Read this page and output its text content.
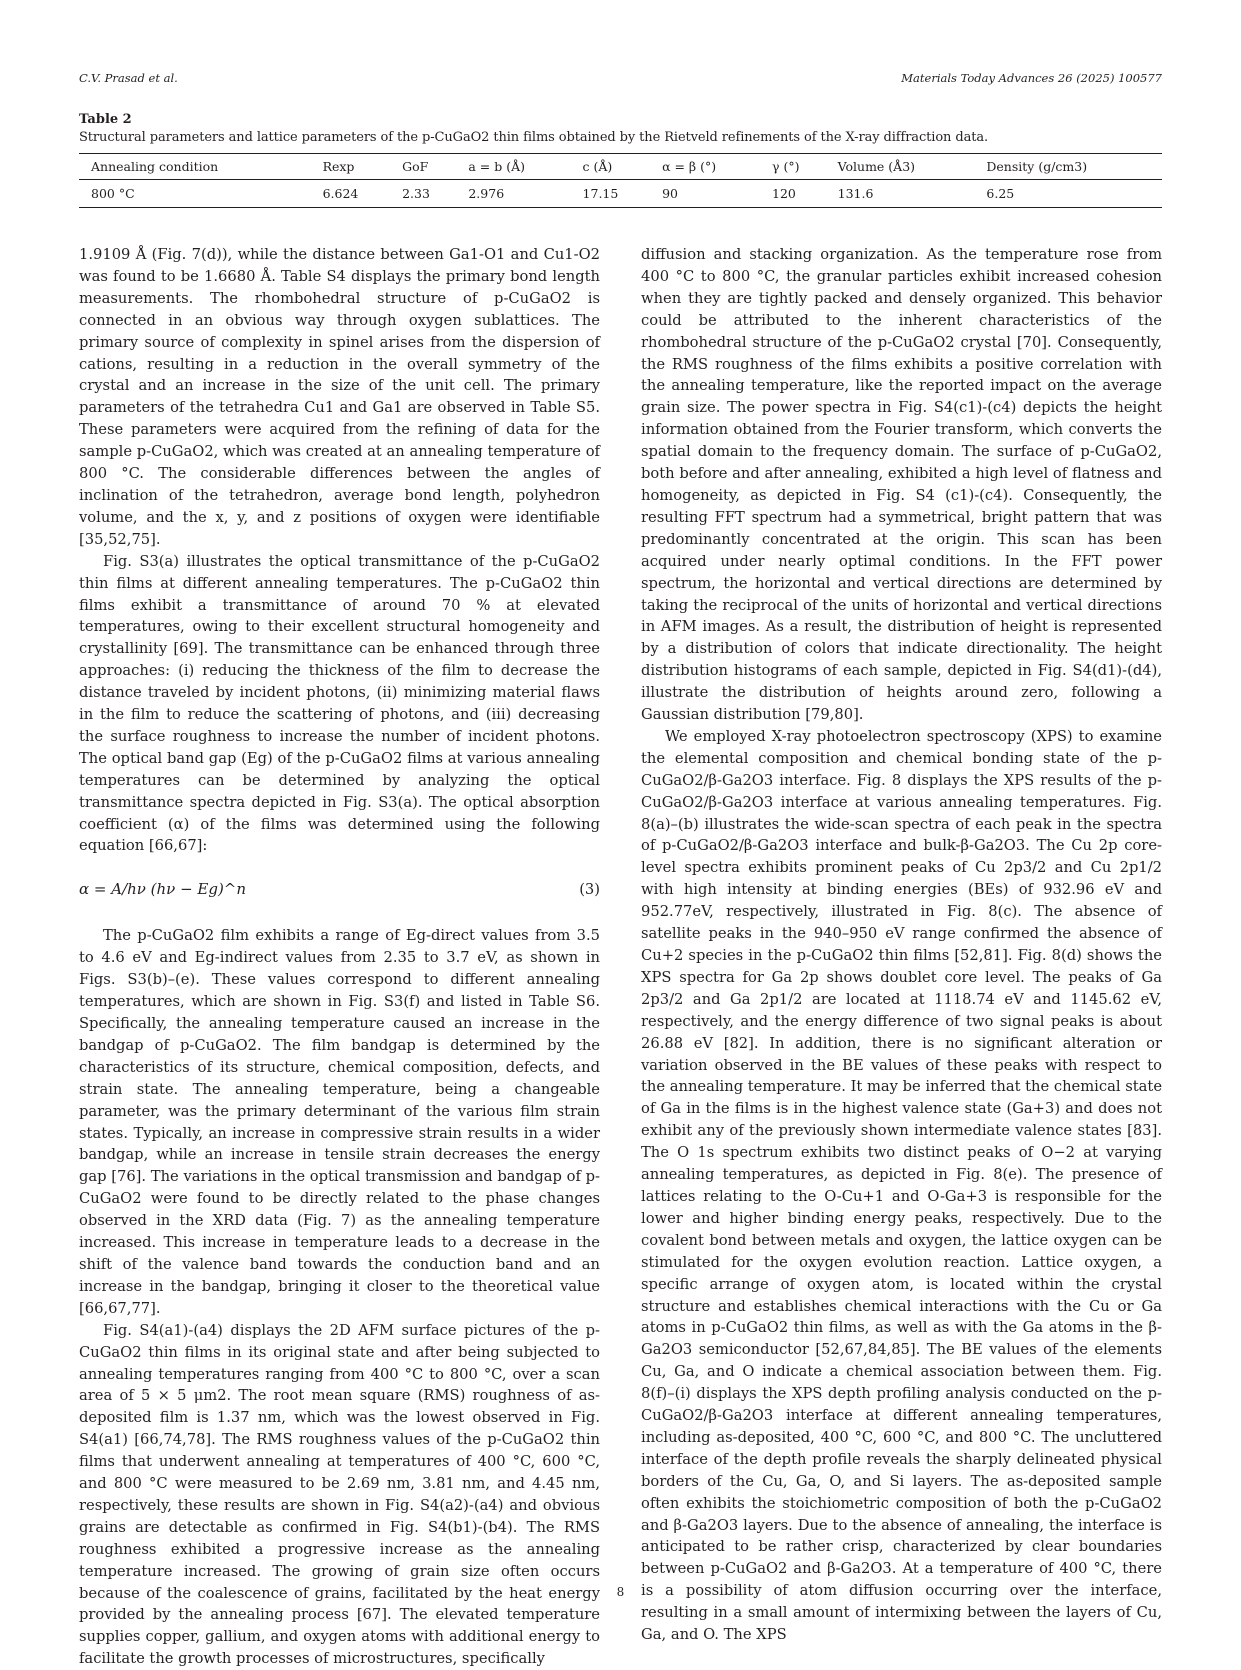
C.V. Prasad et al.	Materials Today Advances 26 (2025) 100577

Table 2

Structural parameters and lattice parameters of the p-CuGaO2 thin films obtained by the Rietveld refinements of the X-ray diffraction data.

Annealing condition	Rexp	GoF	a = b (Å)	c (Å)	α = β (°)	γ (°)	Volume (Å3)	Density (g/cm3)
800 °C	6.624	2.33	2.976	17.15	90	120	131.6	6.25

1.9109 Å (Fig. 7(d)), while the distance between Ga1-O1 and Cu1-O2 was found to be 1.6680 Å. Table S4 displays the primary bond length measurements. The rhombohedral structure of p-CuGaO2 is connected in an obvious way through oxygen sublattices. The primary source of complexity in spinel arises from the dispersion of cations, resulting in a reduction in the overall symmetry of the crystal and an increase in the size of the unit cell. The primary parameters of the tetrahedra Cu1 and Ga1 are observed in Table S5. These parameters were acquired from the refining of data for the sample p-CuGaO2, which was created at an annealing temperature of 800 °C. The considerable differences between the angles of inclination of the tetrahedron, average bond length, polyhedron volume, and the x, y, and z positions of oxygen were identifiable [35,52,75].

Fig. S3(a) illustrates the optical transmittance of the p-CuGaO2 thin films at different annealing temperatures. The p-CuGaO2 thin films exhibit a transmittance of around 70 % at elevated temperatures, owing to their excellent structural homogeneity and crystallinity [69]. The transmittance can be enhanced through three approaches: (i) reducing the thickness of the film to decrease the distance traveled by incident photons, (ii) minimizing material flaws in the film to reduce the scattering of photons, and (iii) decreasing the surface roughness to increase the number of incident photons. The optical band gap (Eg) of the p-CuGaO2 films at various annealing temperatures can be determined by analyzing the optical transmittance spectra depicted in Fig. S3(a). The optical absorption coefficient (α) of the films was determined using the following equation [66,67]:

α = A/hν (hν − Eg)^n	(3)

The p-CuGaO2 film exhibits a range of Eg-direct values from 3.5 to 4.6 eV and Eg-indirect values from 2.35 to 3.7 eV, as shown in Figs. S3(b)–(e). These values correspond to different annealing temperatures, which are shown in Fig. S3(f) and listed in Table S6. Specifically, the annealing temperature caused an increase in the bandgap of p-CuGaO2. The film bandgap is determined by the characteristics of its structure, chemical composition, defects, and strain state. The annealing temperature, being a changeable parameter, was the primary determinant of the various film strain states. Typically, an increase in compressive strain results in a wider bandgap, while an increase in tensile strain decreases the energy gap [76]. The variations in the optical transmission and bandgap of p-CuGaO2 were found to be directly related to the phase changes observed in the XRD data (Fig. 7) as the annealing temperature increased. This increase in temperature leads to a decrease in the shift of the valence band towards the conduction band and an increase in the bandgap, bringing it closer to the theoretical value [66,67,77].

Fig. S4(a1)-(a4) displays the 2D AFM surface pictures of the p-CuGaO2 thin films in its original state and after being subjected to annealing temperatures ranging from 400 °C to 800 °C, over a scan area of 5 × 5 μm2. The root mean square (RMS) roughness of as-deposited film is 1.37 nm, which was the lowest observed in Fig. S4(a1) [66,74,78]. The RMS roughness values of the p-CuGaO2 thin films that underwent annealing at temperatures of 400 °C, 600 °C, and 800 °C were measured to be 2.69 nm, 3.81 nm, and 4.45 nm, respectively, these results are shown in Fig. S4(a2)-(a4) and obvious grains are detectable as confirmed in Fig. S4(b1)-(b4). The RMS roughness exhibited a progressive increase as the annealing temperature increased. The growing of grain size often occurs because of the coalescence of grains, facilitated by the heat energy provided by the annealing process [67]. The elevated temperature supplies copper, gallium, and oxygen atoms with additional energy to facilitate the growth processes of microstructures, specifically

diffusion and stacking organization. As the temperature rose from 400 °C to 800 °C, the granular particles exhibit increased cohesion when they are tightly packed and densely organized. This behavior could be attributed to the inherent characteristics of the rhombohedral structure of the p-CuGaO2 crystal [70]. Consequently, the RMS roughness of the films exhibits a positive correlation with the annealing temperature, like the reported impact on the average grain size. The power spectra in Fig. S4(c1)-(c4) depicts the height information obtained from the Fourier transform, which converts the spatial domain to the frequency domain. The surface of p-CuGaO2, both before and after annealing, exhibited a high level of flatness and homogeneity, as depicted in Fig. S4 (c1)-(c4). Consequently, the resulting FFT spectrum had a symmetrical, bright pattern that was predominantly concentrated at the origin. This scan has been acquired under nearly optimal conditions. In the FFT power spectrum, the horizontal and vertical directions are determined by taking the reciprocal of the units of horizontal and vertical directions in AFM images. As a result, the distribution of height is represented by a distribution of colors that indicate directionality. The height distribution histograms of each sample, depicted in Fig. S4(d1)-(d4), illustrate the distribution of heights around zero, following a Gaussian distribution [79,80].

We employed X-ray photoelectron spectroscopy (XPS) to examine the elemental composition and chemical bonding state of the p-CuGaO2/β-Ga2O3 interface. Fig. 8 displays the XPS results of the p-CuGaO2/β-Ga2O3 interface at various annealing temperatures. Fig. 8(a)–(b) illustrates the wide-scan spectra of each peak in the spectra of p-CuGaO2/β-Ga2O3 interface and bulk-β-Ga2O3. The Cu 2p core-level spectra exhibits prominent peaks of Cu 2p3/2 and Cu 2p1/2 with high intensity at binding energies (BEs) of 932.96 eV and 952.77eV, respectively, illustrated in Fig. 8(c). The absence of satellite peaks in the 940–950 eV range confirmed the absence of Cu+2 species in the p-CuGaO2 thin films [52,81]. Fig. 8(d) shows the XPS spectra for Ga 2p shows doublet core level. The peaks of Ga 2p3/2 and Ga 2p1/2 are located at 1118.74 eV and 1145.62 eV, respectively, and the energy difference of two signal peaks is about 26.88 eV [82]. In addition, there is no significant alteration or variation observed in the BE values of these peaks with respect to the annealing temperature. It may be inferred that the chemical state of Ga in the films is in the highest valence state (Ga+3) and does not exhibit any of the previously shown intermediate valence states [83]. The O 1s spectrum exhibits two distinct peaks of O−2 at varying annealing temperatures, as depicted in Fig. 8(e). The presence of lattices relating to the O-Cu+1 and O-Ga+3 is responsible for the lower and higher binding energy peaks, respectively. Due to the covalent bond between metals and oxygen, the lattice oxygen can be stimulated for the oxygen evolution reaction. Lattice oxygen, a specific arrange of oxygen atom, is located within the crystal structure and establishes chemical interactions with the Cu or Ga atoms in p-CuGaO2 thin films, as well as with the Ga atoms in the β-Ga2O3 semiconductor [52,67,84,85]. The BE values of the elements Cu, Ga, and O indicate a chemical association between them. Fig. 8(f)–(i) displays the XPS depth profiling analysis conducted on the p-CuGaO2/β-Ga2O3 interface at different annealing temperatures, including as-deposited, 400 °C, 600 °C, and 800 °C. The uncluttered interface of the depth profile reveals the sharply delineated physical borders of the Cu, Ga, O, and Si layers. The as-deposited sample often exhibits the stoichiometric composition of both the p-CuGaO2 and β-Ga2O3 layers. Due to the absence of annealing, the interface is anticipated to be rather crisp, characterized by clear boundaries between p-CuGaO2 and β-Ga2O3. At a temperature of 400 °C, there is a possibility of atom diffusion occurring over the interface, resulting in a small amount of intermixing between the layers of Cu, Ga, and O. The XPS

8
